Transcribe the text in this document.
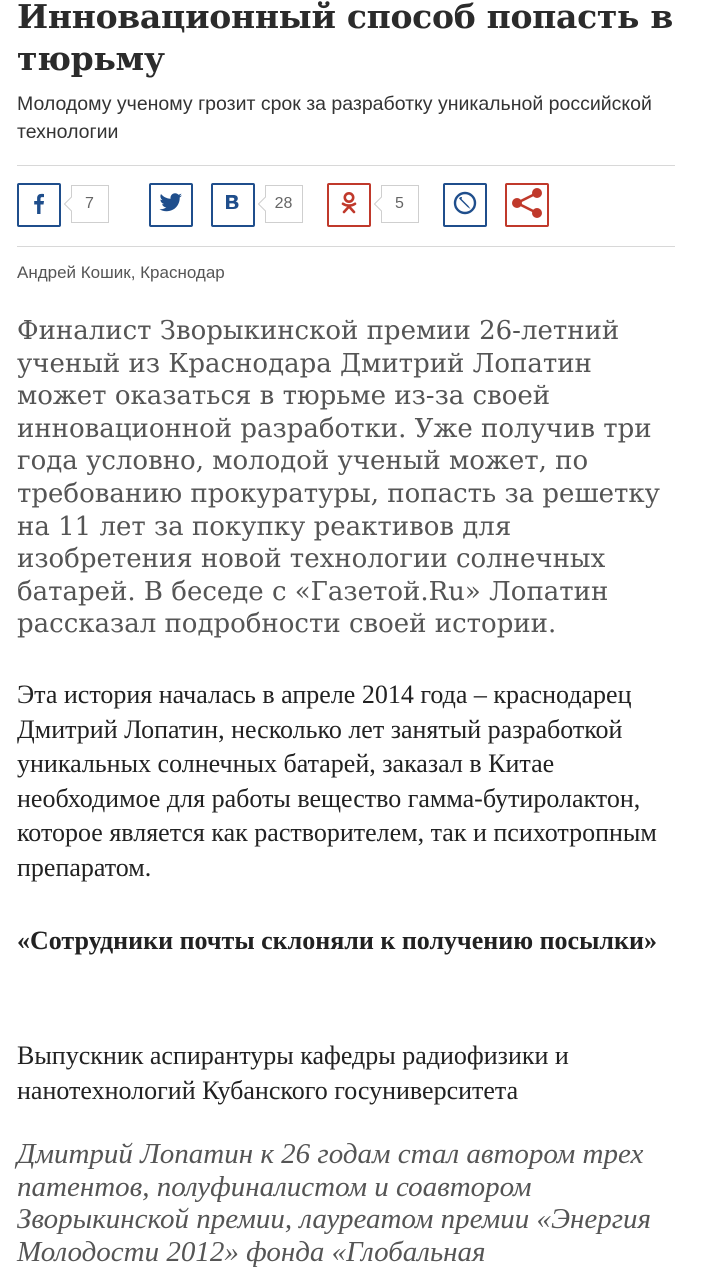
Инновационный способ попасть в тюрьму

Молодому ученому грозит срок за разработку уникальной российской технологии

7	28	5
Андрей Кошик, Краснодар

Финалист Зворыкинской премии 26-летний ученый из Краснодара Дмитрий Лопатин может оказаться в тюрьме из-за своей инновационной разработки. Уже получив три года условно, молодой ученый может, по требованию прокуратуры, попасть за решетку на 11 лет за покупку реактивов для изобретения новой технологии солнечных батарей. В беседе с «Газетой.Ru» Лопатин рассказал подробности своей истории.

Эта история началась в апреле 2014 года – краснодарец Дмитрий Лопатин, несколько лет занятый разработкой уникальных солнечных батарей, заказал в Китае необходимое для работы вещество гамма-бутиролактон, которое является как растворителем, так и психотропным препаратом.

«Сотрудники почты склоняли к получению посылки»

Выпускник аспирантуры кафедры радиофизики и нанотехнологий Кубанского госуниверситета

Дмитрий Лопатин к 26 годам стал автором трех патентов, полуфиналистом и соавтором Зворыкинской премии, лауреатом премии «Энергия Молодости 2012» фонда «Глобальная
